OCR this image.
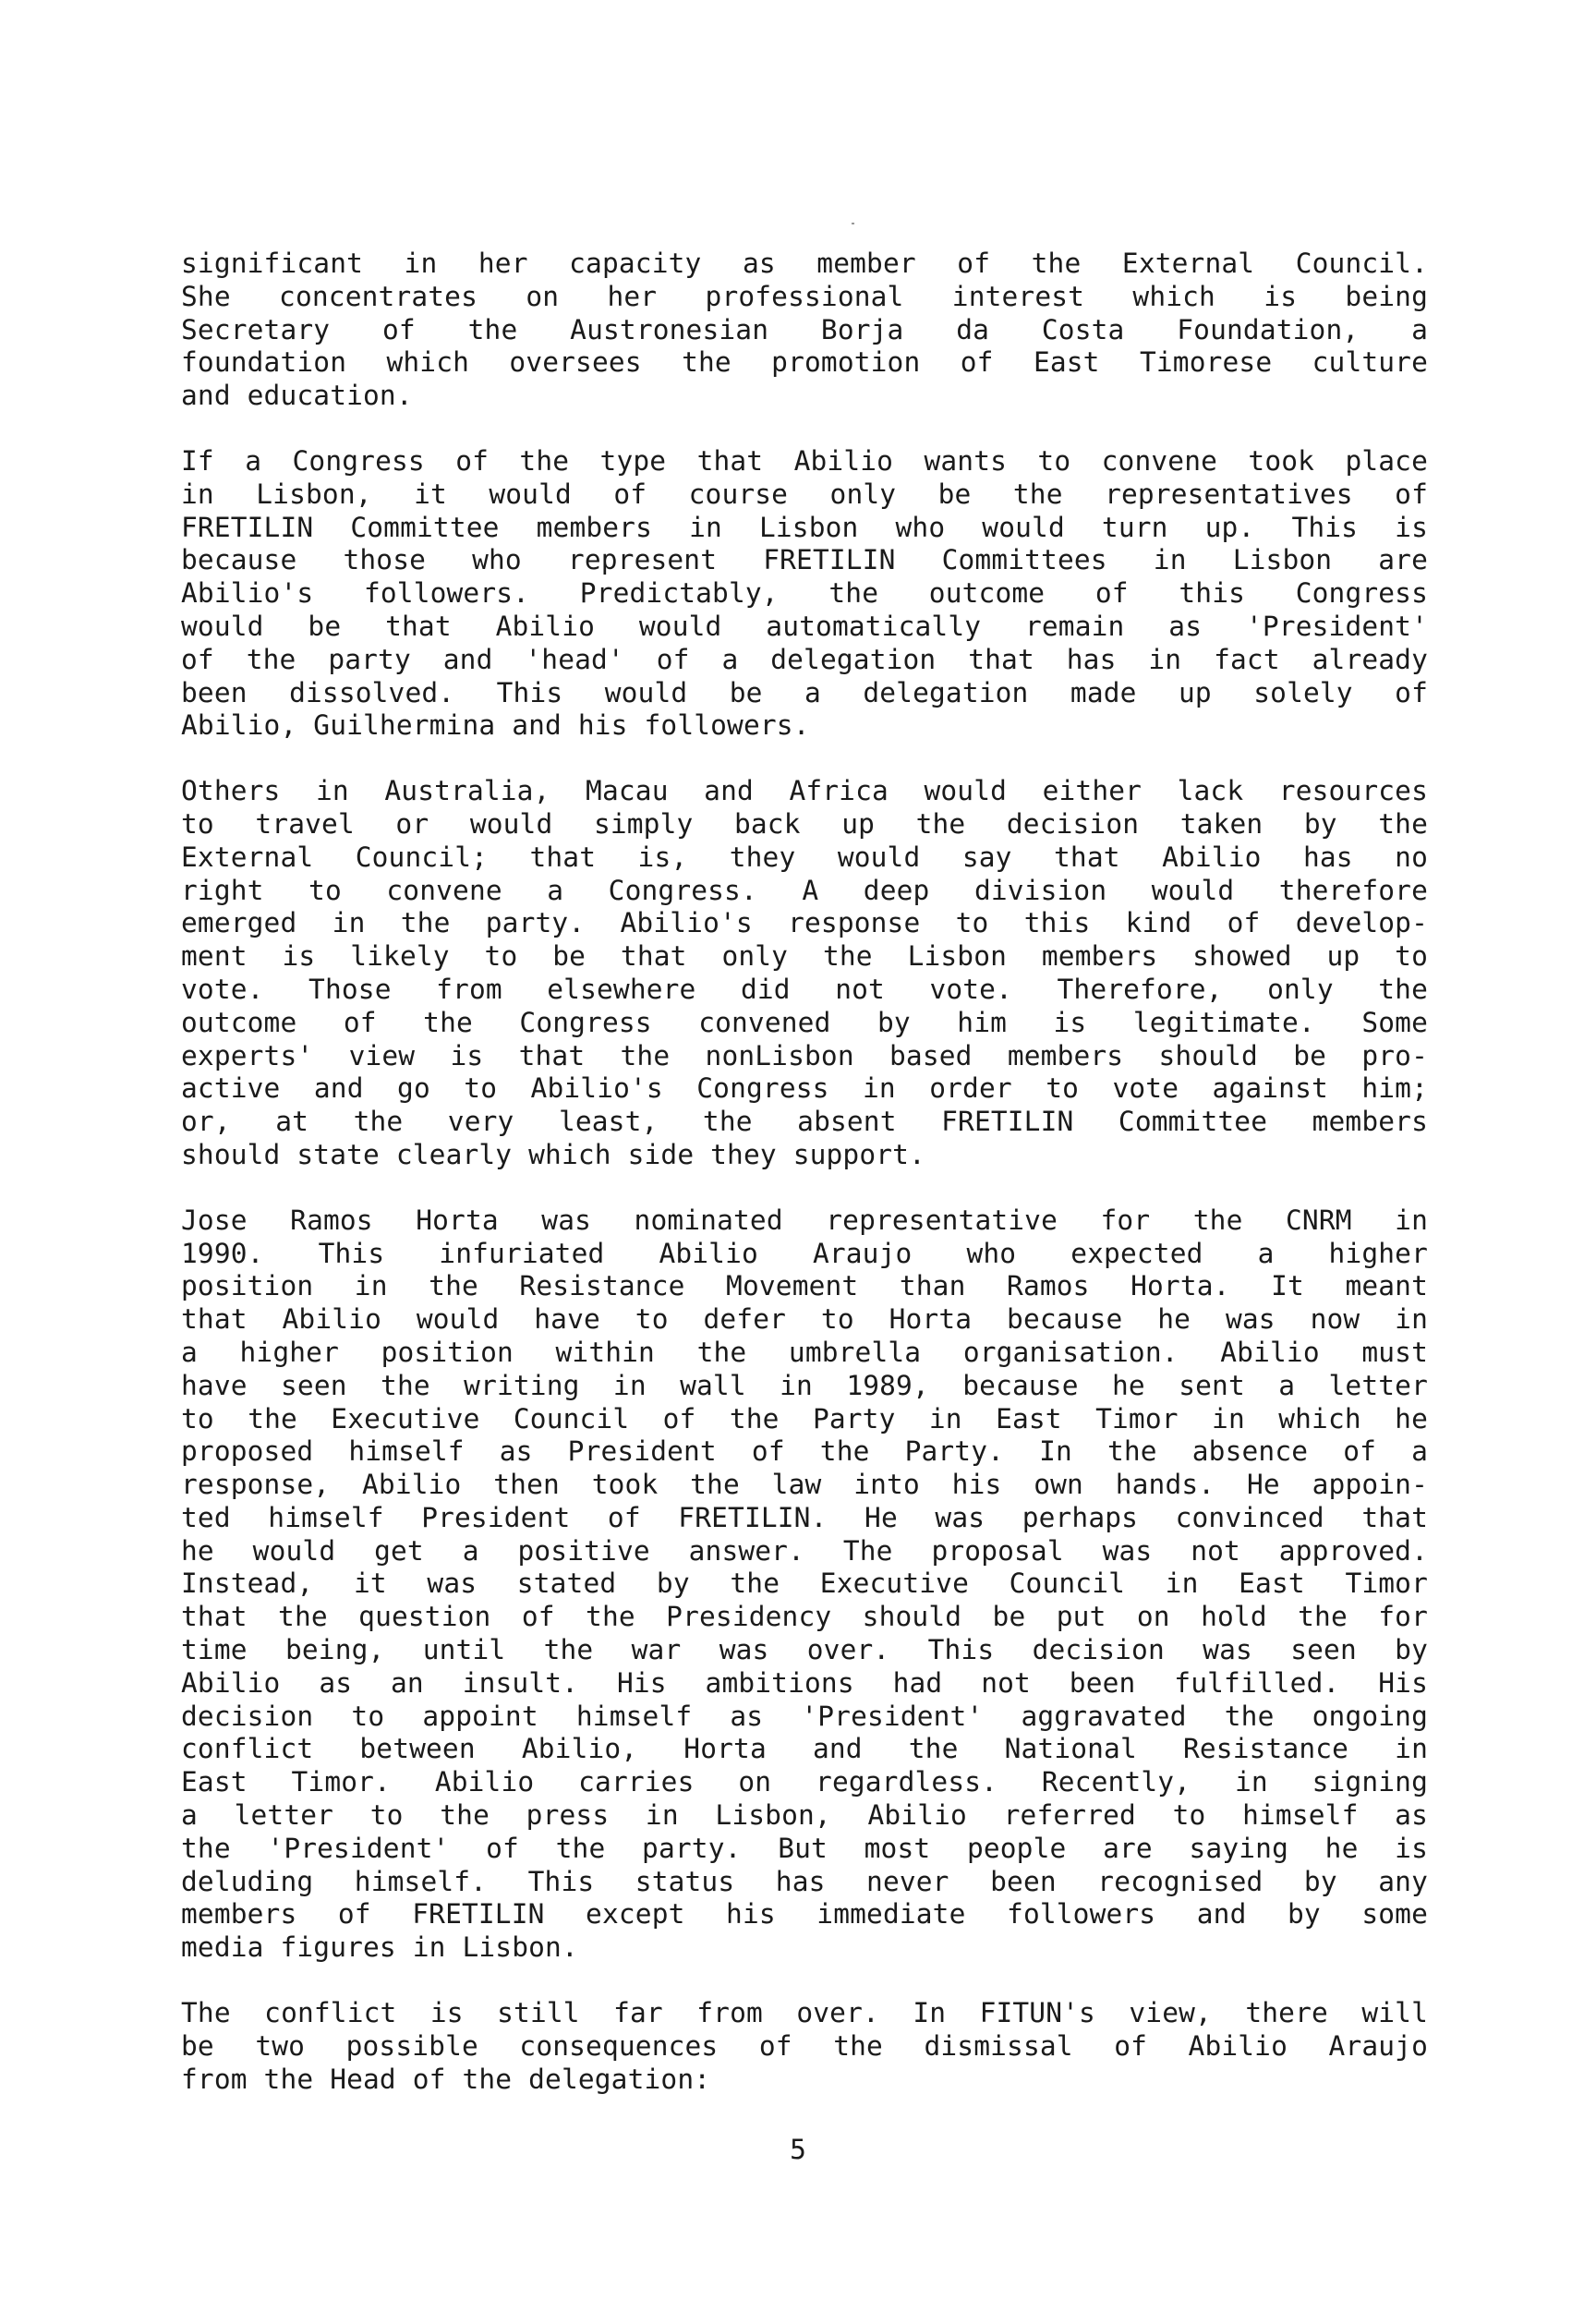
significant in her capacity as member of the External Council.
She concentrates on her professional interest which is being
Secretary of the Austronesian Borja da Costa Foundation, a
foundation which oversees the promotion of East Timorese culture
and education.
If a Congress of the type that Abilio wants to convene took place
in Lisbon, it would of course only be the representatives of
FRETILIN Committee members in Lisbon who would turn up. This is
because those who represent FRETILIN Committees in Lisbon are
Abilio's followers. Predictably, the outcome of this Congress
would be that Abilio would automatically remain as 'President'
of the party and 'head' of a delegation that has in fact already
been dissolved. This would be a delegation made up solely of
Abilio, Guilhermina and his followers.
Others in Australia, Macau and Africa would either lack resources
to travel or would simply back up the decision taken by the
External Council; that is, they would say that Abilio has no
right to convene a Congress. A deep division would therefore
emerged in the party. Abilio's response to this kind of develop-
ment is likely to be that only the Lisbon members showed up to
vote. Those from elsewhere did not vote. Therefore, only the
outcome of the Congress convened by him is legitimate. Some
experts' view is that the nonLisbon based members should be pro-
active and go to Abilio's Congress in order to vote against him;
or, at the very least, the absent FRETILIN Committee members
should state clearly which side they support.
Jose Ramos Horta was nominated representative for the CNRM in
1990. This infuriated Abilio Araujo who expected a higher
position in the Resistance Movement than Ramos Horta. It meant
that Abilio would have to defer to Horta because he was now in
a higher position within the umbrella organisation. Abilio must
have seen the writing in wall in 1989, because he sent a letter
to the Executive Council of the Party in East Timor in which he
proposed himself as President of the Party. In the absence of a
response, Abilio then took the law into his own hands. He appoin-
ted himself President of FRETILIN. He was perhaps convinced that
he would get a positive answer. The proposal was not approved.
Instead, it was stated by the Executive Council in East Timor
that the question of the Presidency should be put on hold the for
time being, until the war was over. This decision was seen by
Abilio as an insult. His ambitions had not been fulfilled. His
decision to appoint himself as 'President' aggravated the ongoing
conflict between Abilio, Horta and the National Resistance in
East Timor. Abilio carries on regardless. Recently, in signing
a letter to the press in Lisbon, Abilio referred to himself as
the 'President' of the party. But most people are saying he is
deluding himself. This status has never been recognised by any
members of FRETILIN except his immediate followers and by some
media figures in Lisbon.
The conflict is still far from over. In FITUN's view, there will
be two possible consequences of the dismissal of Abilio Araujo
from the Head of the delegation:
5
